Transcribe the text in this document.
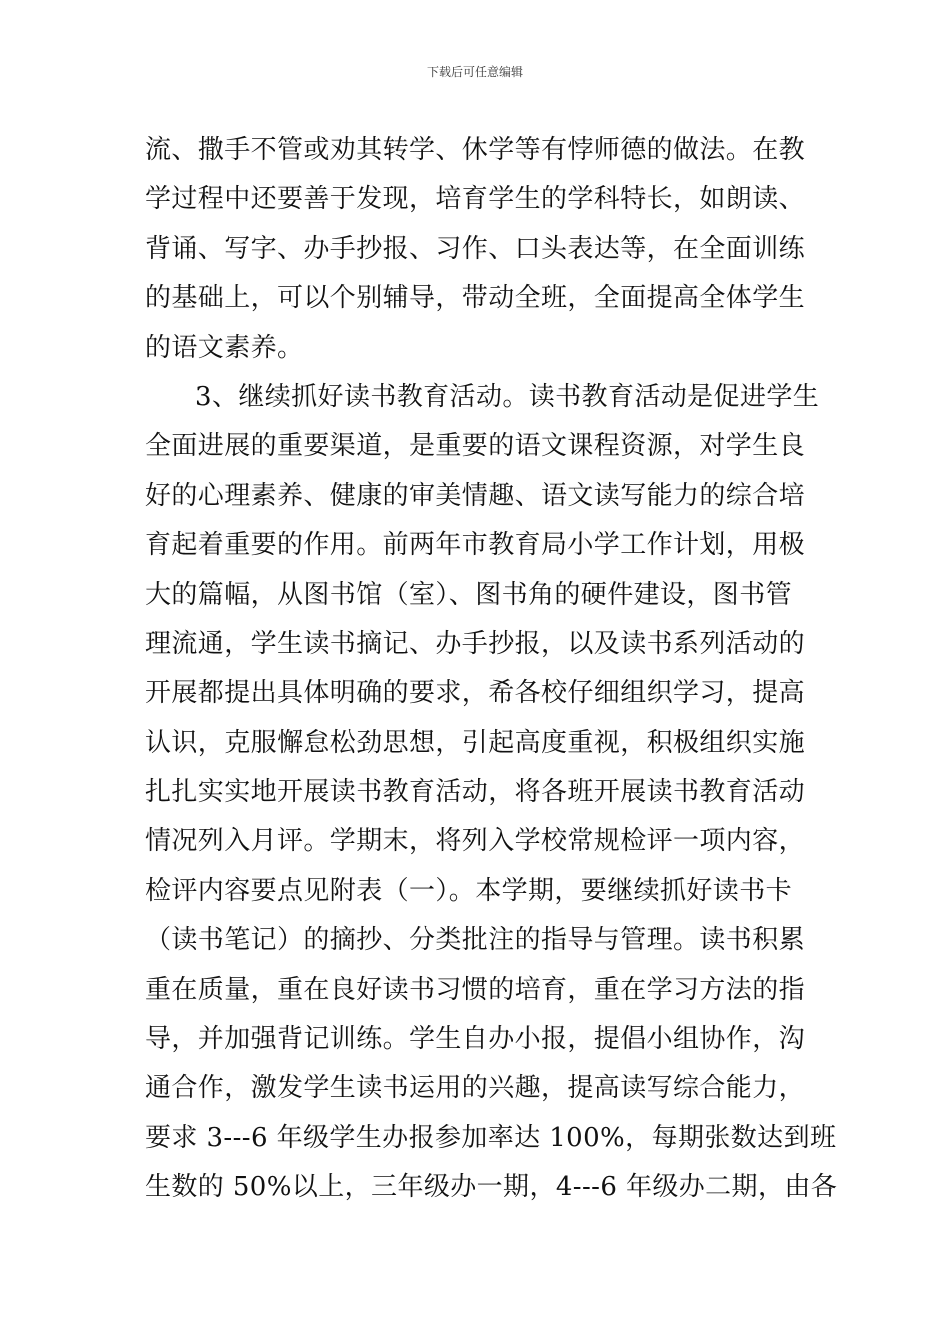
下载后可任意编辑
流、撒手不管或劝其转学、休学等有悖师德的做法。在教
学过程中还要善于发现，培育学生的学科特长，如朗读、
背诵、写字、办手抄报、习作、口头表达等，在全面训练
的基础上，可以个别辅导，带动全班，全面提高全体学生
的语文素养。
3、继续抓好读书教育活动。读书教育活动是促进学生
全面进展的重要渠道，是重要的语文课程资源，对学生良
好的心理素养、健康的审美情趣、语文读写能力的综合培
育起着重要的作用。前两年市教育局小学工作计划，用极
大的篇幅，从图书馆（室）、图书角的硬件建设，图书管
理流通，学生读书摘记、办手抄报，以及读书系列活动的
开展都提出具体明确的要求，希各校仔细组织学习，提高
认识，克服懈怠松劲思想，引起高度重视，积极组织实施
扎扎实实地开展读书教育活动，将各班开展读书教育活动
情况列入月评。学期末，将列入学校常规检评一项内容，
检评内容要点见附表（一）。本学期，要继续抓好读书卡
（读书笔记）的摘抄、分类批注的指导与管理。读书积累
重在质量，重在良好读书习惯的培育，重在学习方法的指
导，并加强背记训练。学生自办小报，提倡小组协作，沟
通合作，激发学生读书运用的兴趣，提高读写综合能力，
要求 3---6 年级学生办报参加率达 100%，每期张数达到班
生数的 50%以上，三年级办一期，4---6 年级办二期，由各
